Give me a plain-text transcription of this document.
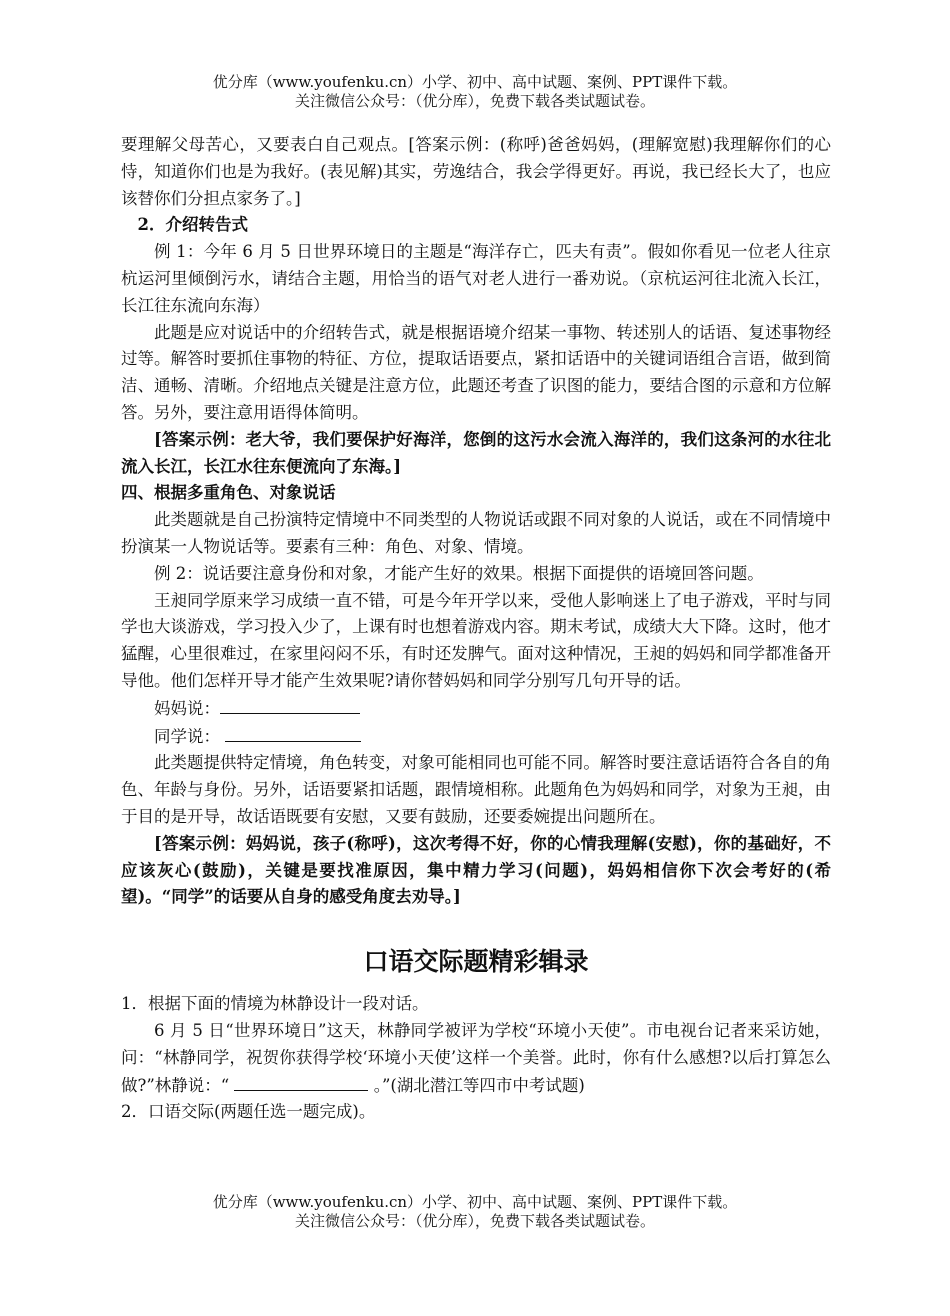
优分库（www.youfenku.cn）小学、初中、高中试题、案例、PPT课件下载。
关注微信公众号：（优分库），免费下载各类试题试卷。

要理解父母苦心，又要表白自己观点。[答案示例：(称呼)爸爸妈妈，(理解宽慰)我理解你们的心恃，知道你们也是为我好。(表见解)其实，劳逸结合，我会学得更好。再说，我已经长大了，也应该替你们分担点家务了。]

2．介绍转告式

例 1：今年 6 月 5 日世界环境日的主题是“海洋存亡，匹夫有责”。假如你看见一位老人往京杭运河里倾倒污水，请结合主题，用恰当的语气对老人进行一番劝说。（京杭运河往北流入长江，长江往东流向东海）

此题是应对说话中的介绍转告式，就是根据语境介绍某一事物、转述别人的话语、复述事物经过等。解答时要抓住事物的特征、方位，提取话语要点，紧扣话语中的关键词语组合言语，做到简洁、通畅、清晰。介绍地点关键是注意方位，此题还考查了识图的能力，要结合图的示意和方位解答。另外，要注意用语得体简明。

[答案示例：老大爷，我们要保护好海洋，您倒的这污水会流入海洋的，我们这条河的水往北流入长江，长江水往东便流向了东海。]

四、根据多重角色、对象说话

此类题就是自己扮演特定情境中不同类型的人物说话或跟不同对象的人说话，或在不同情境中扮演某一人物说话等。要素有三种：角色、对象、情境。

例 2：说话要注意身份和对象，才能产生好的效果。根据下面提供的语境回答问题。

王昶同学原来学习成绩一直不错，可是今年开学以来，受他人影响迷上了电子游戏，平时与同学也大谈游戏，学习投入少了，上课有时也想着游戏内容。期末考试，成绩大大下降。这时，他才猛醒，心里很难过，在家里闷闷不乐，有时还发脾气。面对这种情况，王昶的妈妈和同学都准备开导他。他们怎样开导才能产生效果呢?请你替妈妈和同学分别写几句开导的话。

妈妈说：

同学说：

此类题提供特定情境，角色转变，对象可能相同也可能不同。解答时要注意话语符合各自的角色、年龄与身份。另外，话语要紧扣话题，跟情境相称。此题角色为妈妈和同学，对象为王昶，由于目的是开导，故话语既要有安慰，又要有鼓励，还要委婉提出问题所在。

[答案示例：妈妈说，孩子(称呼)，这次考得不好，你的心情我理解(安慰)，你的基础好，不应该灰心(鼓励)，关键是要找准原因，集中精力学习(问题)，妈妈相信你下次会考好的(希望)。“同学”的话要从自身的感受角度去劝导。]

口语交际题精彩辑录

1．根据下面的情境为林静设计一段对话。

6 月 5 日“世界环境日”这天，林静同学被评为学校“环境小天使”。市电视台记者来采访她，问：“林静同学，祝贺你获得学校‘环境小天使’这样一个美誉。此时，你有什么感想?以后打算怎么做?”林静说：“	。”(湖北潜江等四市中考试题)

2．口语交际(两题任选一题完成)。

优分库（www.youfenku.cn）小学、初中、高中试题、案例、PPT课件下载。
关注微信公众号：（优分库），免费下载各类试题试卷。
